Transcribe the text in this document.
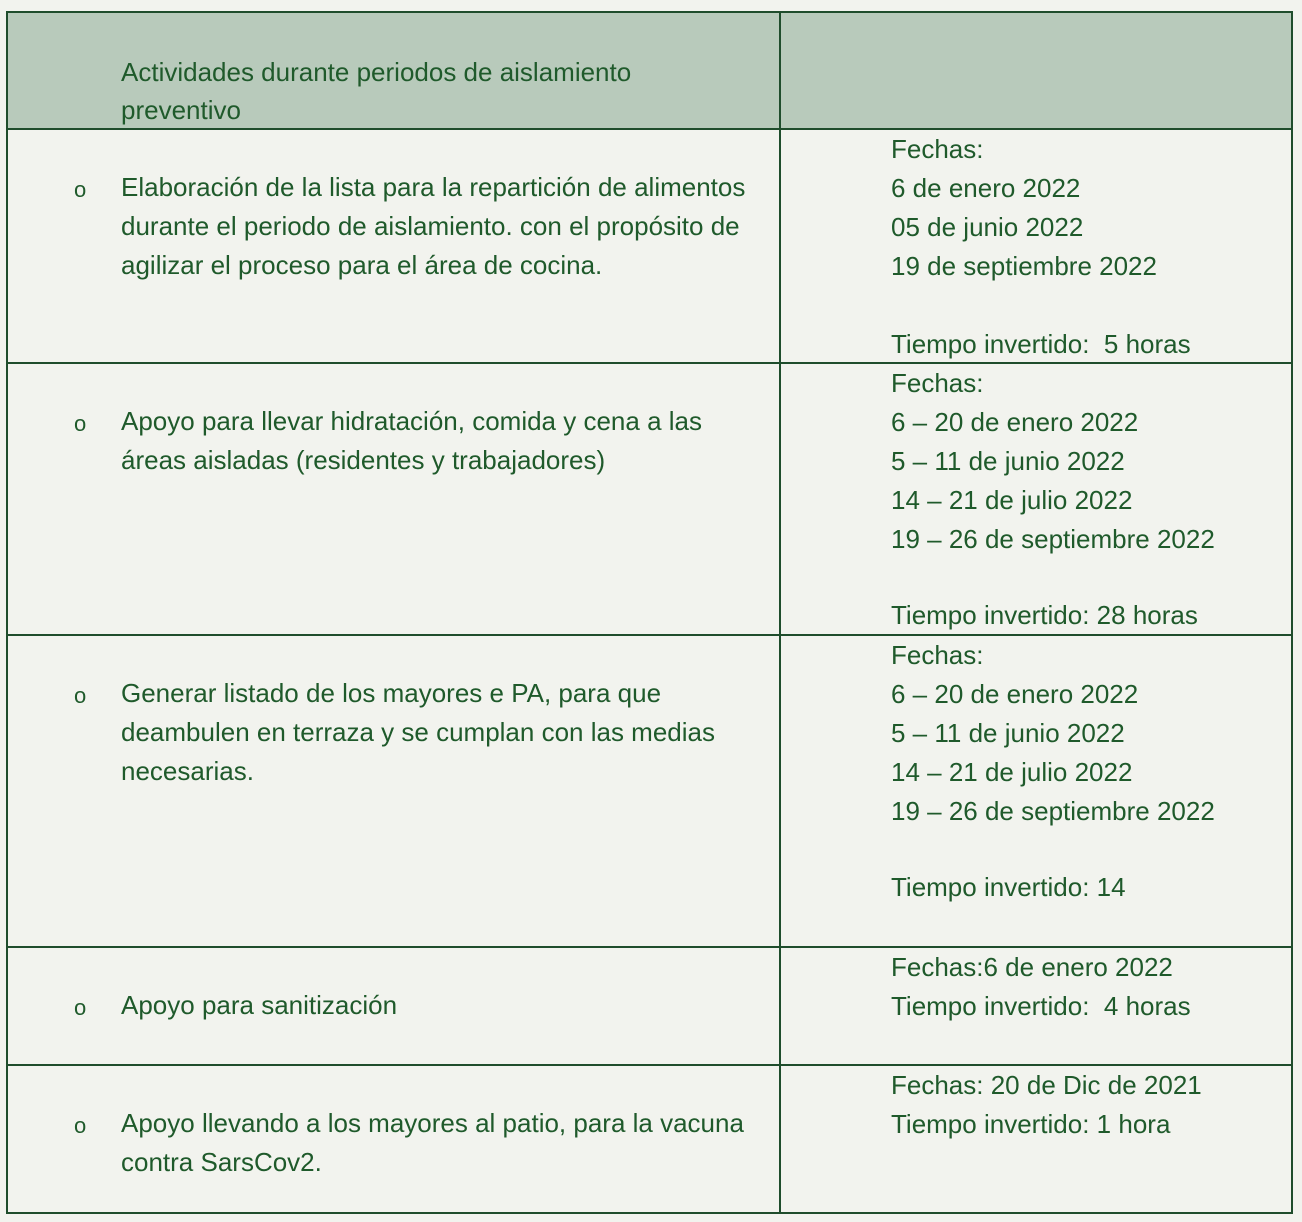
Actividades durante periodos de aislamiento preventivo
o Elaboración de la lista para la repartición de alimentos durante el periodo de aislamiento. con el propósito de agilizar el proceso para el área de cocina.
Fechas:
6 de enero 2022
05 de junio 2022
19 de septiembre 2022
Tiempo invertido:  5 horas
o Apoyo para llevar hidratación, comida y cena a las áreas aisladas (residentes y trabajadores)
Fechas:
6 – 20 de enero 2022
5 – 11 de junio 2022
14 – 21 de julio 2022
19 – 26 de septiembre 2022
Tiempo invertido: 28 horas
o Generar listado de los mayores e PA, para que deambulen en terraza y se cumplan con las medias necesarias.
Fechas:
6 – 20 de enero 2022
5 – 11 de junio 2022
14 – 21 de julio 2022
19 – 26 de septiembre 2022
Tiempo invertido: 14
o Apoyo para sanitización
Fechas:6 de enero 2022
Tiempo invertido:  4 horas
o Apoyo llevando a los mayores al patio, para la vacuna contra SarsCov2.
Fechas: 20 de Dic de 2021
Tiempo invertido: 1 hora
